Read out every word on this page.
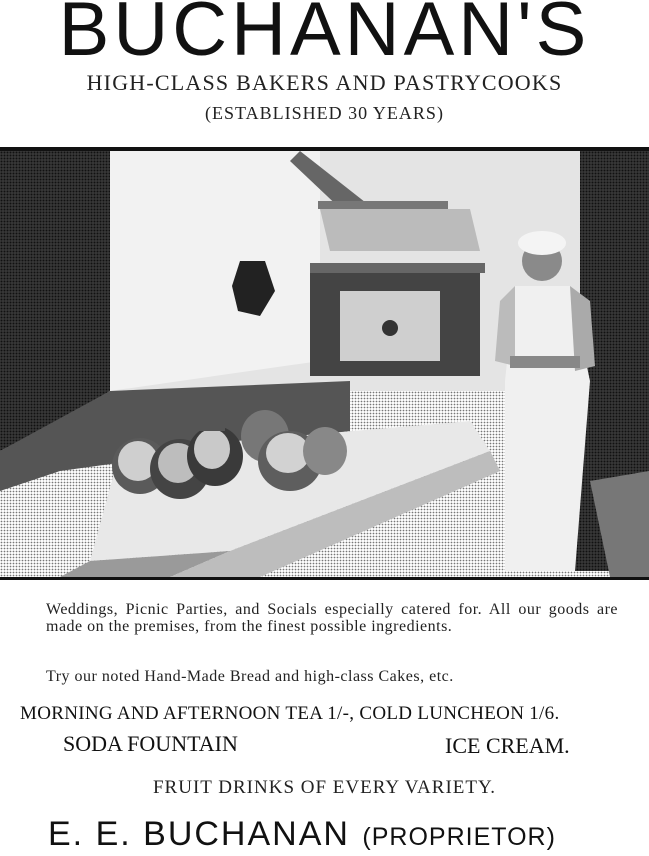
BUCHANAN'S
HIGH-CLASS BAKERS AND PASTRYCOOKS
(ESTABLISHED 30 YEARS)
Weddings, Picnic Parties, and Socials especially catered for. All our goods are made on the premises, from the finest possible ingredients.
Try our noted Hand-Made Bread and high-class Cakes, etc.
MORNING AND AFTERNOON TEA 1/-, COLD LUNCHEON 1/6.
SODA FOUNTAIN	ICE CREAM.
FRUIT DRINKS OF EVERY VARIETY.
E. E. BUCHANAN (PROPRIETOR)
